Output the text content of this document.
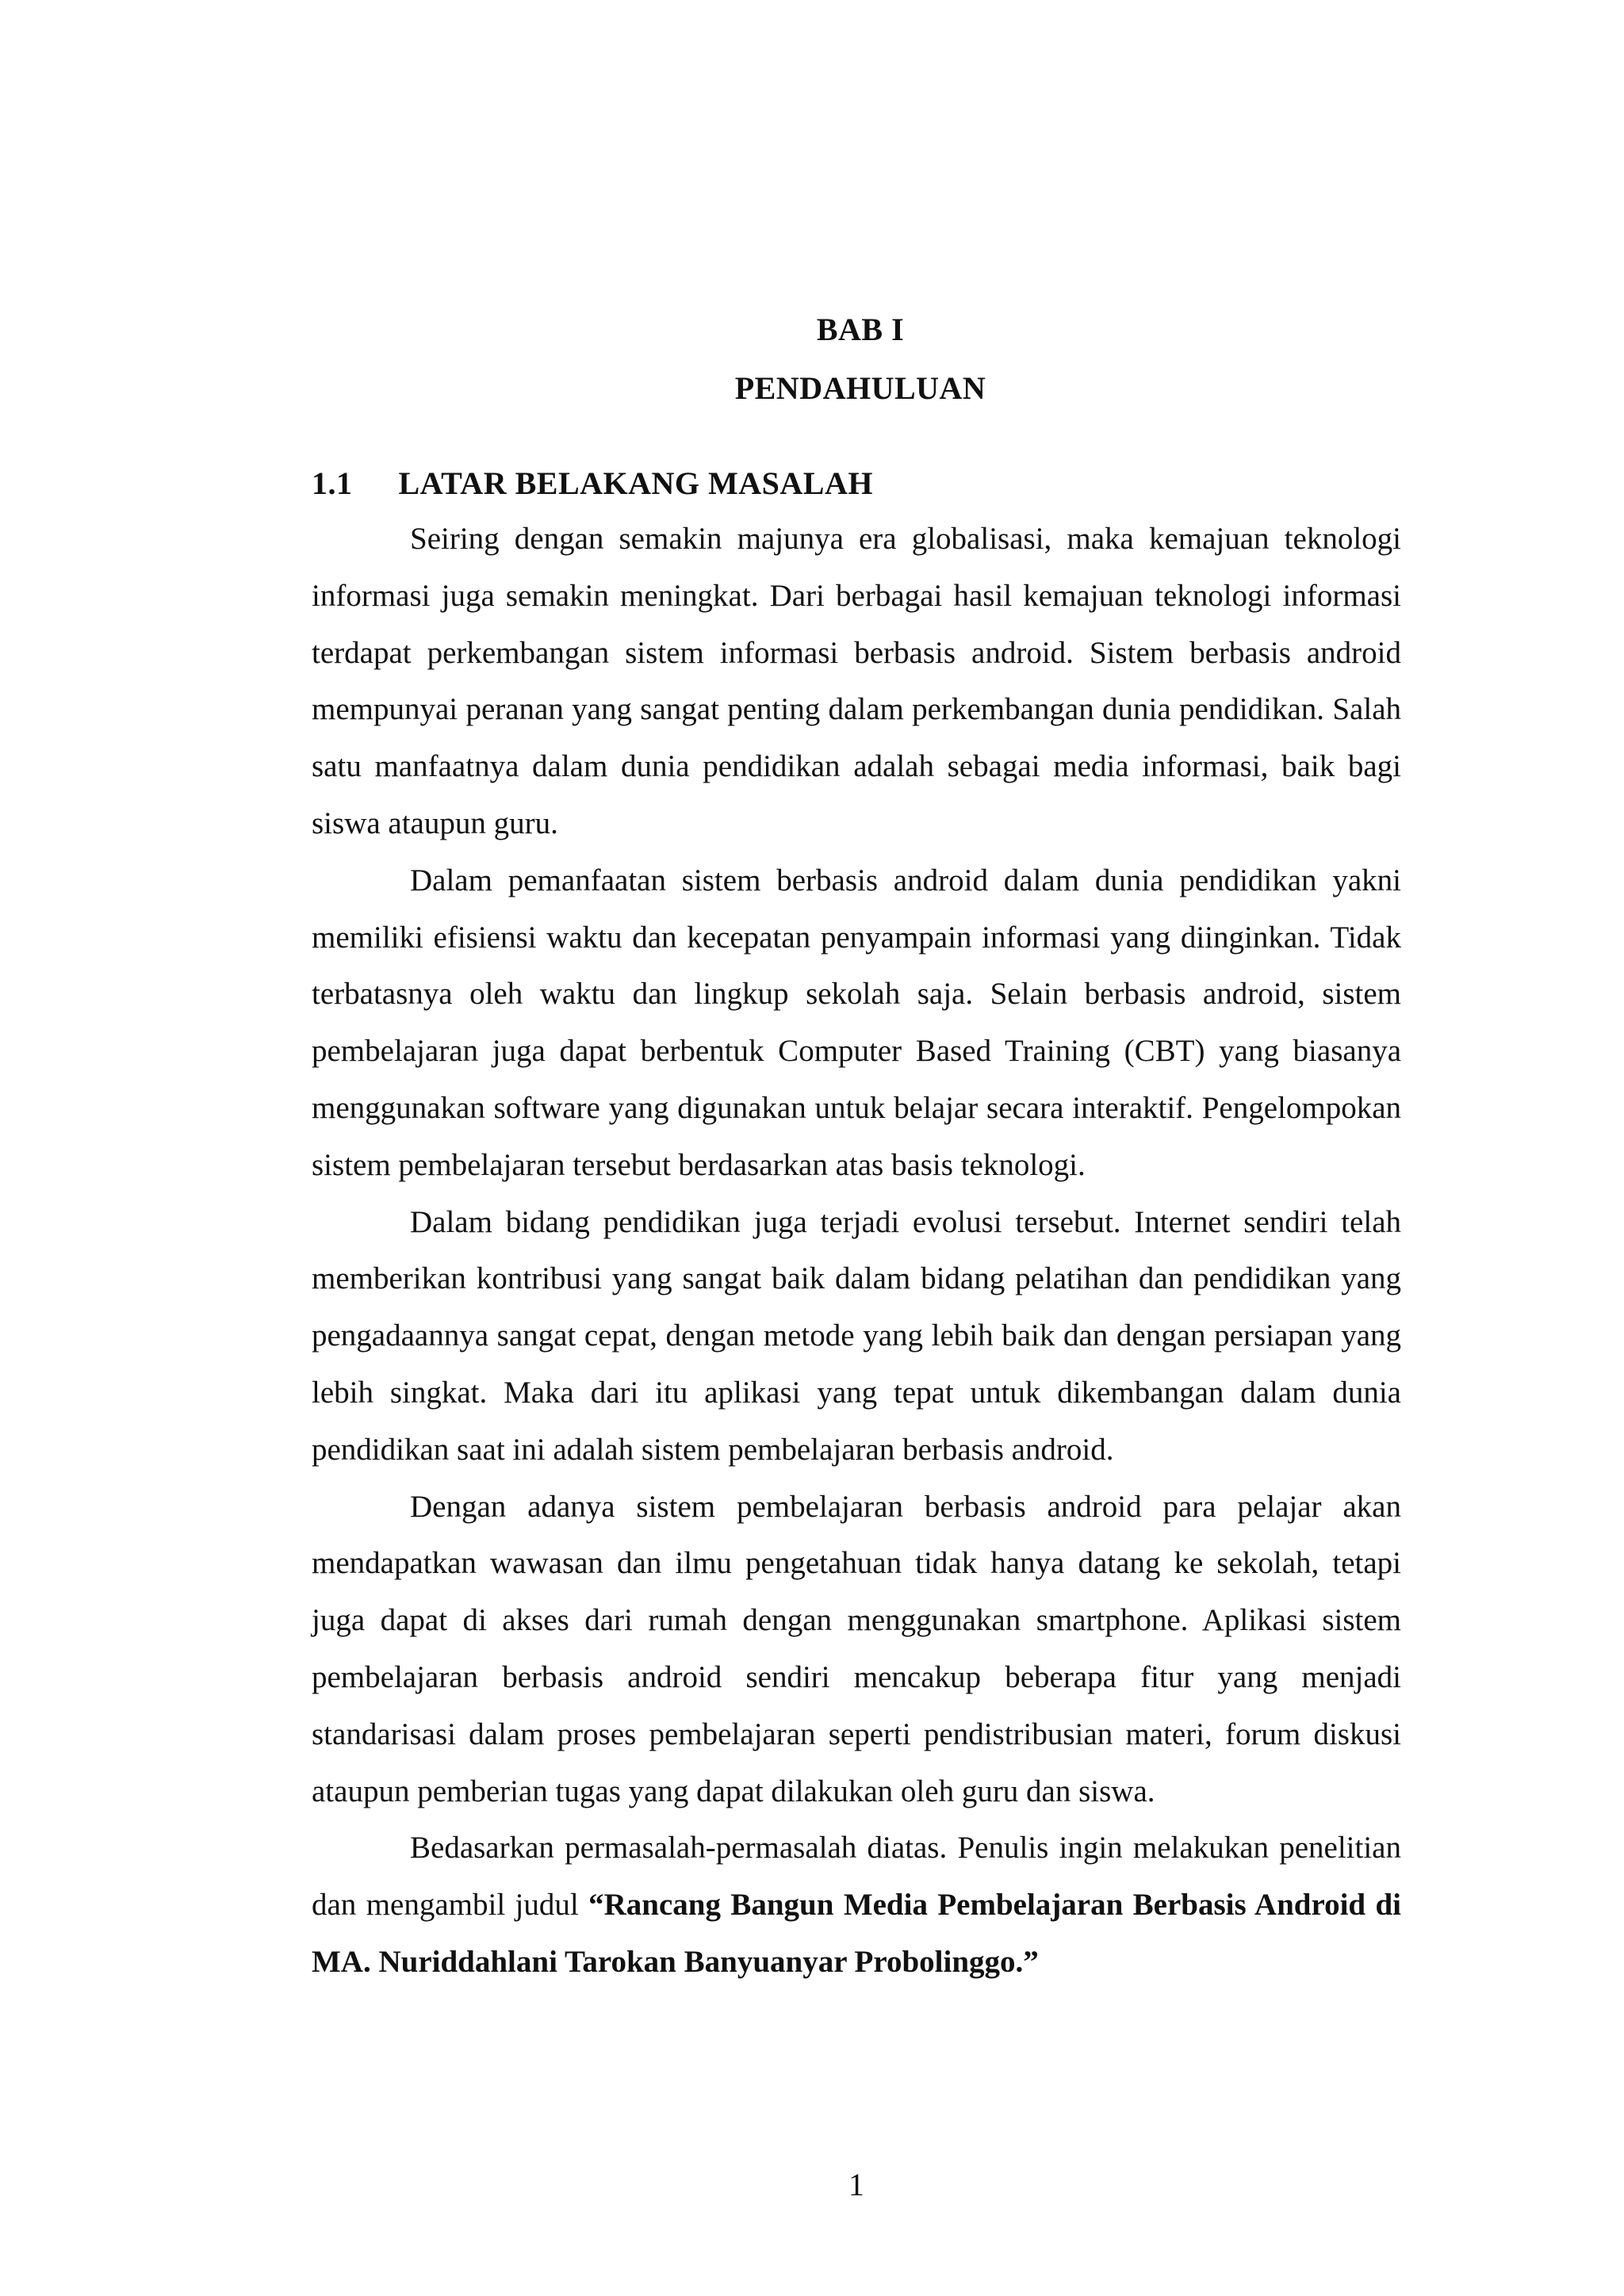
BAB I
PENDAHULUAN
1.1 LATAR BELAKANG MASALAH

Seiring dengan semakin majunya era globalisasi, maka kemajuan teknologi informasi juga semakin meningkat. Dari berbagai hasil kemajuan teknologi informasi terdapat perkembangan sistem informasi berbasis android. Sistem berbasis android mempunyai peranan yang sangat penting dalam perkembangan dunia pendidikan. Salah satu manfaatnya dalam dunia pendidikan adalah sebagai media informasi, baik bagi siswa ataupun guru.

Dalam pemanfaatan sistem berbasis android dalam dunia pendidikan yakni memiliki efisiensi waktu dan kecepatan penyampain informasi yang diinginkan. Tidak terbatasnya oleh waktu dan lingkup sekolah saja. Selain berbasis android, sistem pembelajaran juga dapat berbentuk Computer Based Training (CBT) yang biasanya menggunakan software yang digunakan untuk belajar secara interaktif. Pengelompokan sistem pembelajaran tersebut berdasarkan atas basis teknologi.

Dalam bidang pendidikan juga terjadi evolusi tersebut. Internet sendiri telah memberikan kontribusi yang sangat baik dalam bidang pelatihan dan pendidikan yang pengadaannya sangat cepat, dengan metode yang lebih baik dan dengan persiapan yang lebih singkat. Maka dari itu aplikasi yang tepat untuk dikembangan dalam dunia pendidikan saat ini adalah sistem pembelajaran berbasis android.

Dengan adanya sistem pembelajaran berbasis android para pelajar akan mendapatkan wawasan dan ilmu pengetahuan tidak hanya datang ke sekolah, tetapi juga dapat di akses dari rumah dengan menggunakan smartphone. Aplikasi sistem pembelajaran berbasis android sendiri mencakup beberapa fitur yang menjadi standarisasi dalam proses pembelajaran seperti pendistribusian materi, forum diskusi ataupun pemberian tugas yang dapat dilakukan oleh guru dan siswa.

Bedasarkan permasalah-permasalah diatas. Penulis ingin melakukan penelitian dan mengambil judul “Rancang Bangun Media Pembelajaran Berbasis Android di MA. Nuriddahlani Tarokan Banyuanyar Probolinggo.”

1
